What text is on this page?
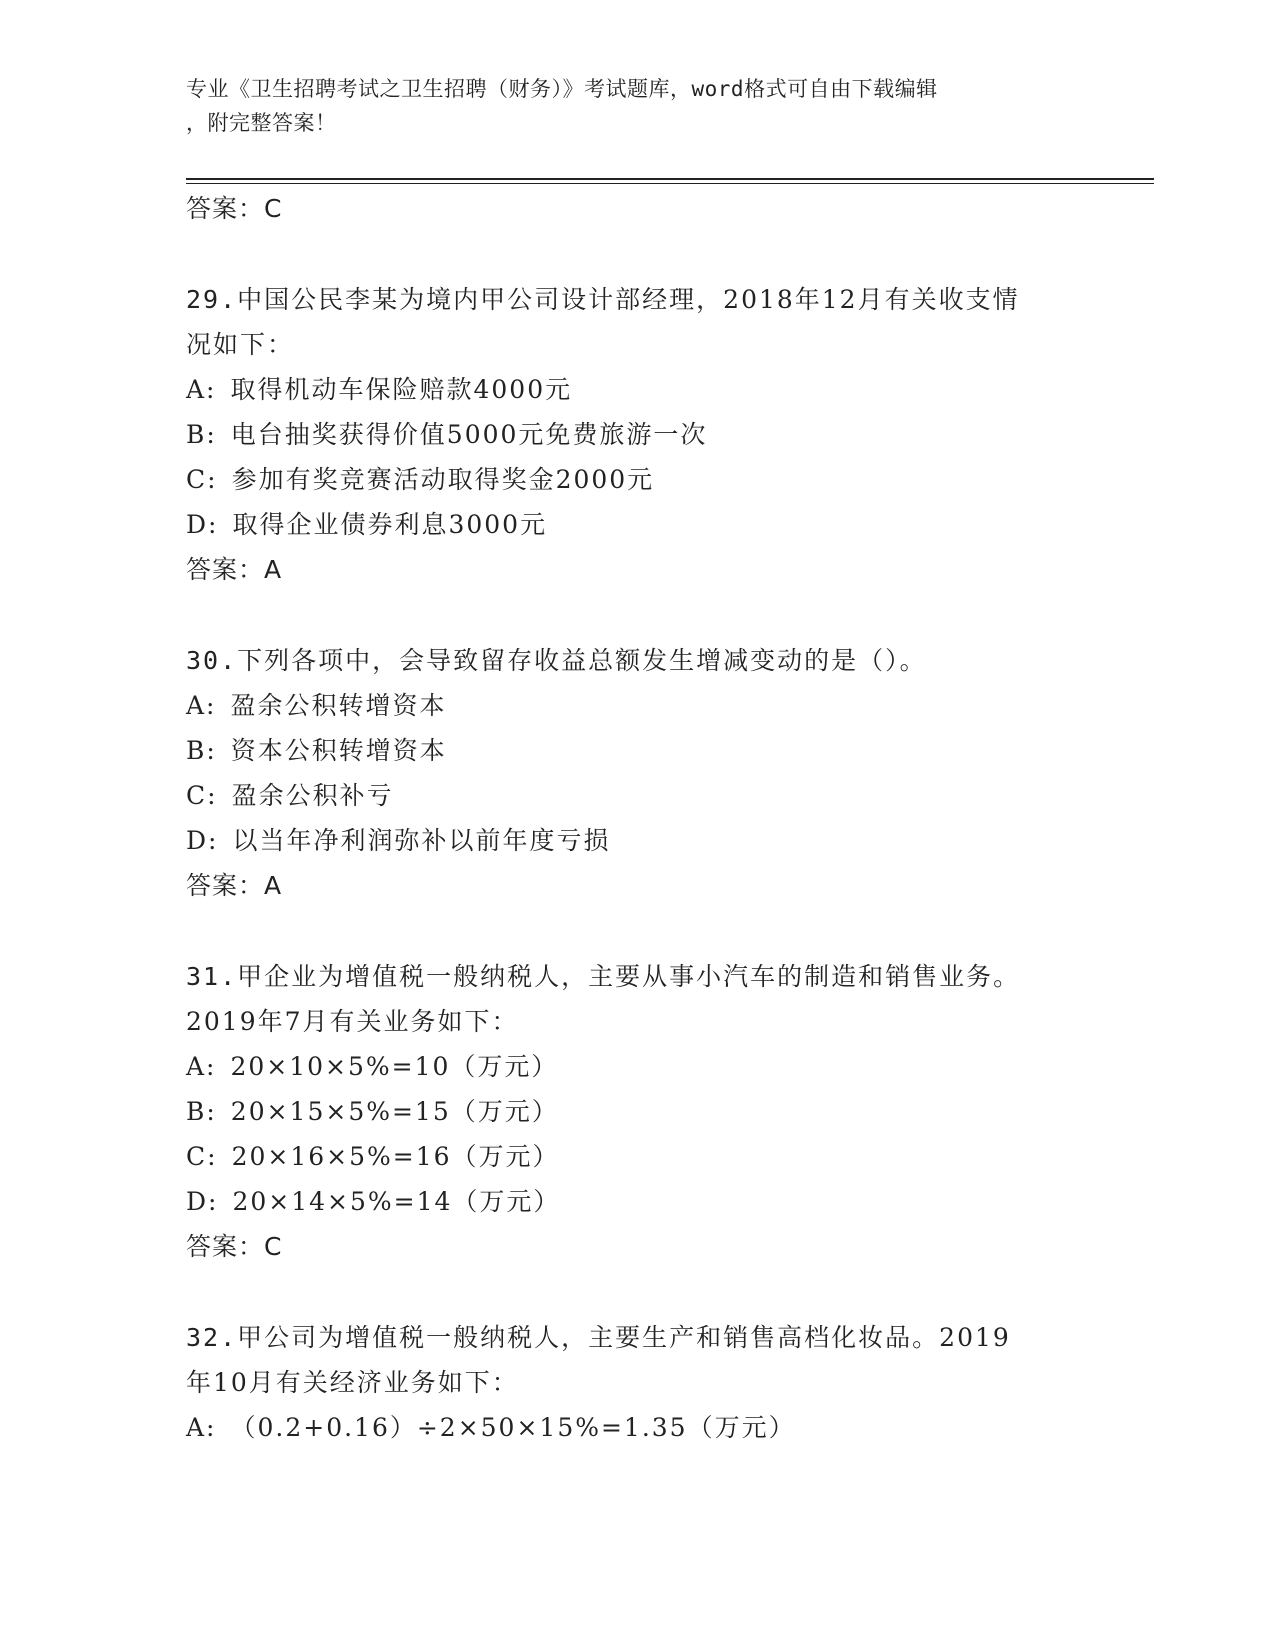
专业《卫生招聘考试之卫生招聘（财务）》考试题库，word格式可自由下载编辑
，附完整答案！
答案：C
29.中国公民李某为境内甲公司设计部经理，2018年12月有关收支情
况如下：
A: 取得机动车保险赔款4000元
B: 电台抽奖获得价值5000元免费旅游一次
C: 参加有奖竞赛活动取得奖金2000元
D: 取得企业债券利息3000元
答案：A
30.下列各项中，会导致留存收益总额发生增减变动的是（）。
A: 盈余公积转增资本
B: 资本公积转增资本
C: 盈余公积补亏
D: 以当年净利润弥补以前年度亏损
答案：A
31.甲企业为增值税一般纳税人，主要从事小汽车的制造和销售业务。
2019年7月有关业务如下：
A: 20×10×5%=10（万元）
B: 20×15×5%=15（万元）
C: 20×16×5%=16（万元）
D: 20×14×5%=14（万元）
答案：C
32.甲公司为增值税一般纳税人，主要生产和销售高档化妆品。2019
年10月有关经济业务如下：
A: （0.2+0.16）÷2×50×15%=1.35（万元）
